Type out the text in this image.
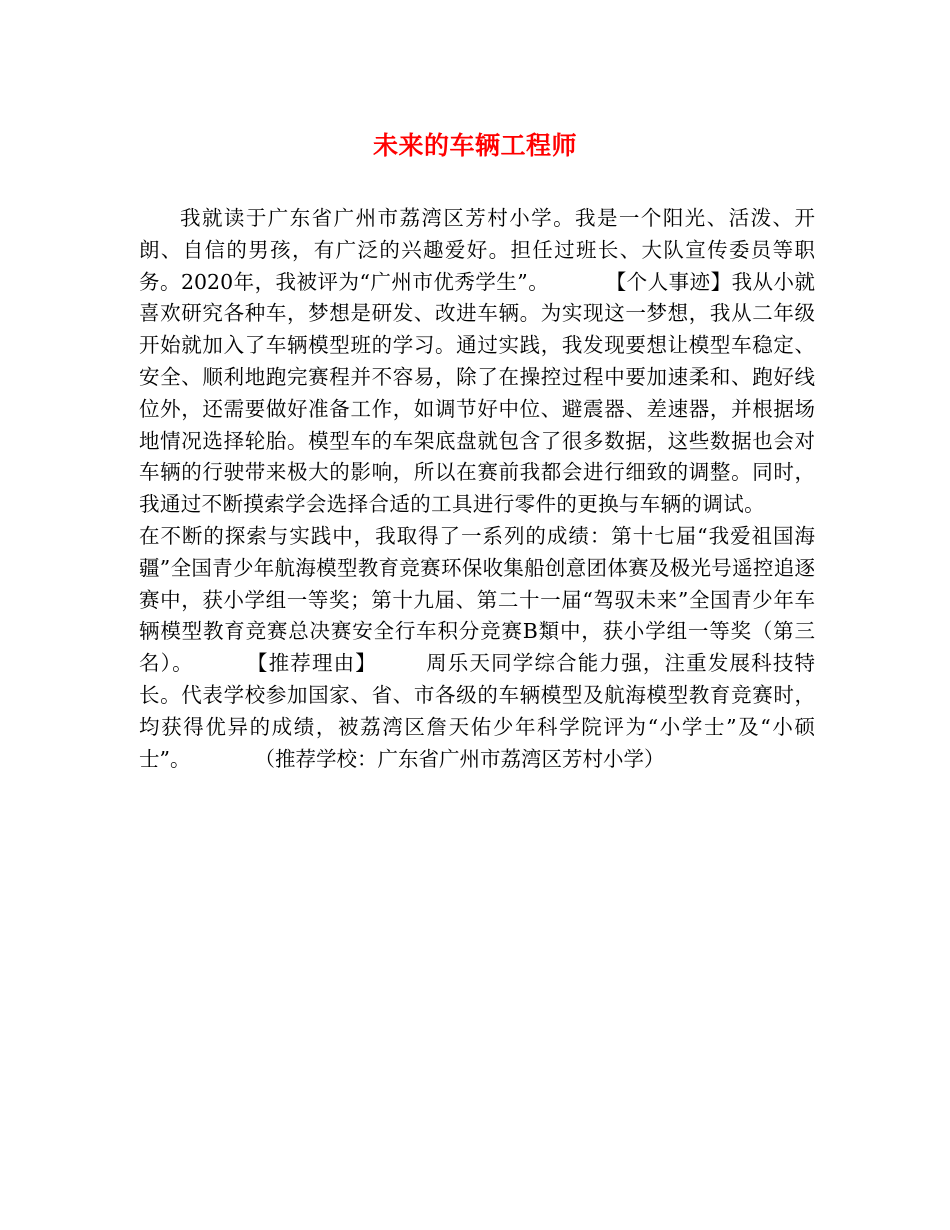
未来的车辆工程师

我就读于广东省广州市荔湾区芳村小学。我是一个阳光、活泼、开朗、自信的男孩，有广泛的兴趣爱好。担任过班长、大队宣传委员等职务。2020年，我被评为“广州市优秀学生”。	【个人事迹】我从小就喜欢研究各种车，梦想是研发、改进车辆。为实现这一梦想，我从二年级开始就加入了车辆模型班的学习。通过实践，我发现要想让模型车稳定、安全、顺利地跑完赛程并不容易，除了在操控过程中要加速柔和、跑好线位外，还需要做好准备工作，如调节好中位、避震器、差速器，并根据场地情况选择轮胎。模型车的车架底盘就包含了很多数据，这些数据也会对车辆的行驶带来极大的影响，所以在赛前我都会进行细致的调整。同时，我通过不断摸索学会选择合适的工具进行零件的更换与车辆的调试。在不断的探索与实践中，我取得了一系列的成绩：第十七届“我爱祖国海疆”全国青少年航海模型教育竞赛环保收集船创意团体赛及极光号遥控追逐赛中，获小学组一等奖；第十九届、第二十一届“驾驭未来”全国青少年车辆模型教育竞赛总决赛安全行车积分竞赛B類中，获小学组一等奖（第三名）。	【推荐理由】 周乐天同学综合能力强，注重发展科技特长。代表学校参加国家、省、市各级的车辆模型及航海模型教育竞赛时，均获得优异的成绩，被荔湾区詹天佑少年科学院评为“小学士”及“小硕士”。	（推荐学校：广东省广州市荔湾区芳村小学）
